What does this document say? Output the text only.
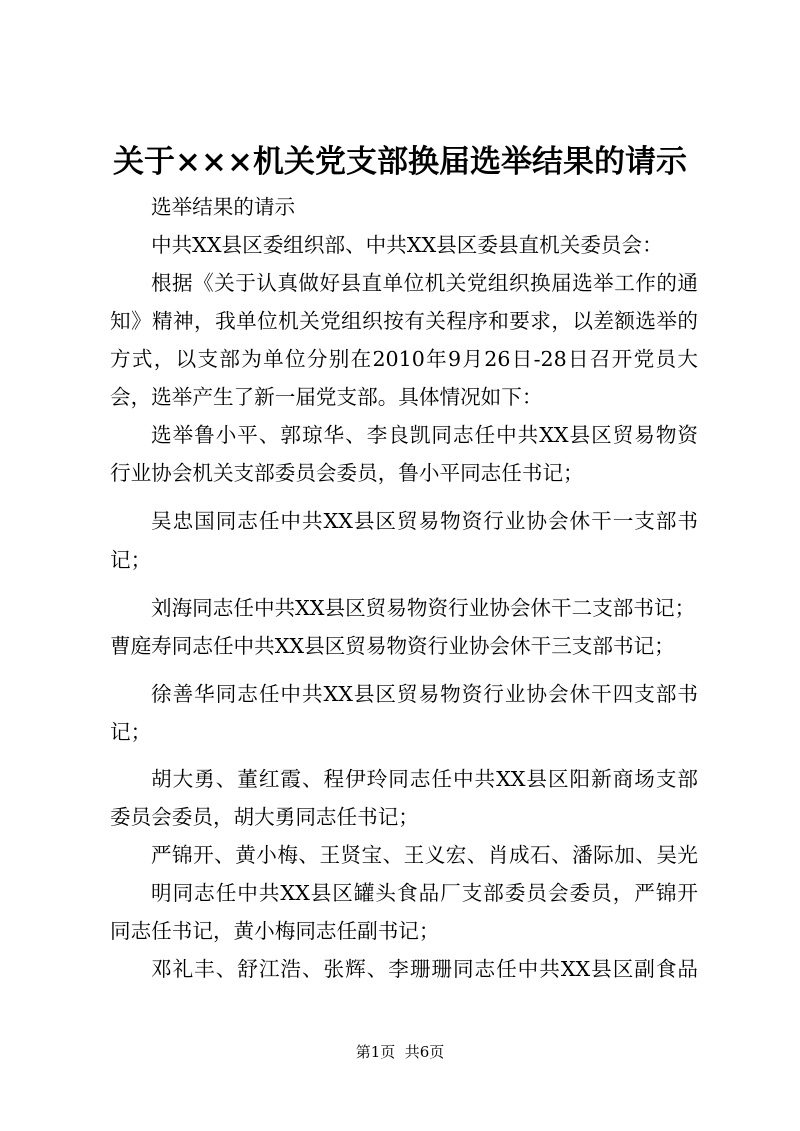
关于×××机关党支部换届选举结果的请示
选举结果的请示
中共XX县区委组织部、中共XX县区委县直机关委员会：
根据《关于认真做好县直单位机关党组织换届选举工作的通
知》精神，我单位机关党组织按有关程序和要求，以差额选举的
方式，以支部为单位分别在2010年9月26日-28日召开党员大
会，选举产生了新一届党支部。具体情况如下：
选举鲁小平、郭琼华、李良凯同志任中共XX县区贸易物资
行业协会机关支部委员会委员，鲁小平同志任书记；
吴忠国同志任中共XX县区贸易物资行业协会休干一支部书
记；
刘海同志任中共XX县区贸易物资行业协会休干二支部书记；
曹庭寿同志任中共XX县区贸易物资行业协会休干三支部书记；
徐善华同志任中共XX县区贸易物资行业协会休干四支部书
记；
胡大勇、董红霞、程伊玲同志任中共XX县区阳新商场支部
委员会委员，胡大勇同志任书记；
严锦开、黄小梅、王贤宝、王义宏、肖成石、潘际加、吴光
明同志任中共XX县区罐头食品厂支部委员会委员，严锦开
同志任书记，黄小梅同志任副书记；
邓礼丰、舒江浩、张辉、李珊珊同志任中共XX县区副食品
第1页  共6页
